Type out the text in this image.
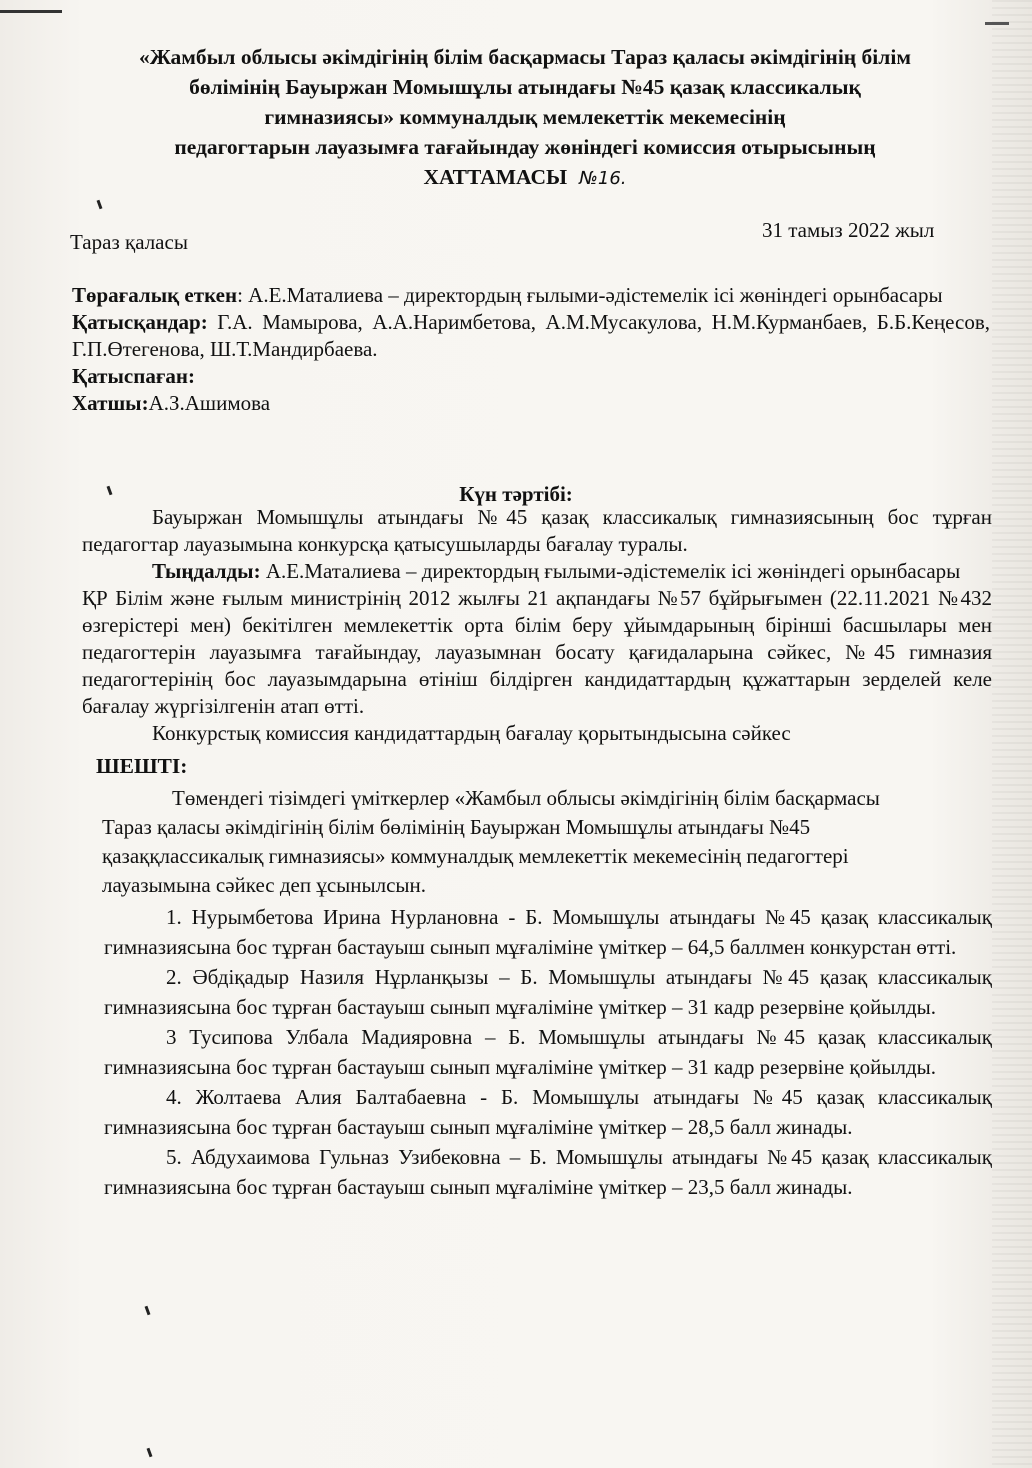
«Жамбыл облысы әкімдігінің білім басқармасы Тараз қаласы әкімдігінің білім
бөлімінің Бауыржан Момышұлы атындағы №45 қазақ классикалық
гимназиясы» коммуналдық мемлекеттік мекемесінің
педагогтарын лауазымға тағайындау жөніндегі комиссия отырысының
ХАТТАМАСЫ №16.
Тараз қаласы	31 тамыз 2022 жыл

Төрағалық еткен: А.Е.Маталиева – директордың ғылыми-әдістемелік ісі жөніндегі орынбасары

Қатысқандар: Г.А. Мамырова, А.А.Наримбетова, А.М.Мусакулова, Н.М.Курманбаев, Б.Б.Кеңесов, Г.П.Өтегенова, Ш.Т.Мандирбаева.

Қатыспаған:

Хатшы:А.З.Ашимова

Күн тәртібі:

Бауыржан Момышұлы атындағы №45 қазақ классикалық гимназиясының бос тұрған педагогтар лауазымына конкурсқа қатысушыларды бағалау туралы.

Тыңдалды: А.Е.Маталиева – директордың ғылыми-әдістемелік ісі жөніндегі орынбасары

ҚР Білім және ғылым министрінің 2012 жылғы 21 ақпандағы №57 бұйрығымен (22.11.2021 №432 өзгерістері мен) бекітілген мемлекеттік орта білім беру ұйымдарының бірінші басшылары мен педагогтерін лауазымға тағайындау, лауазымнан босату қағидаларына сәйкес, №45 гимназия педагогтерінің бос лауазымдарына өтініш білдірген кандидаттардың құжаттарын зерделей келе бағалау жүргізілгенін атап өтті.

Конкурстық комиссия кандидаттардың бағалау қорытындысына сәйкес

ШЕШТІ:

Төмендегі тізімдегі үміткерлер «Жамбыл облысы әкімдігінің білім басқармасы Тараз қаласы әкімдігінің білім бөлімінің Бауыржан Момышұлы атындағы №45 қазаққлассикалық гимназиясы» коммуналдық мемлекеттік мекемесінің педагогтері лауазымына сәйкес деп ұсынылсын.

1. Нурымбетова Ирина Нурлановна - Б. Момышұлы атындағы №45 қазақ классикалық гимназиясына бос тұрған бастауыш сынып мұғаліміне үміткер – 64,5 баллмен конкурстан өтті.

2. Әбдіқадыр Назиля Нұрланқызы – Б. Момышұлы атындағы №45 қазақ классикалық гимназиясына бос тұрған бастауыш сынып мұғаліміне үміткер – 31 кадр резервіне қойылды.

3 Тусипова Улбала Мадияровна – Б. Момышұлы атындағы №45 қазақ классикалық гимназиясына бос тұрған бастауыш сынып мұғаліміне үміткер – 31 кадр резервіне қойылды.

4. Жолтаева Алия Балтабаевна - Б. Момышұлы атындағы №45 қазақ классикалық гимназиясына бос тұрған бастауыш сынып мұғаліміне үміткер – 28,5 балл жинады.

5. Абдухаимова Гульназ Узибековна – Б. Момышұлы атындағы №45 қазақ классикалық гимназиясына бос тұрған бастауыш сынып мұғаліміне үміткер – 23,5 балл жинады.
